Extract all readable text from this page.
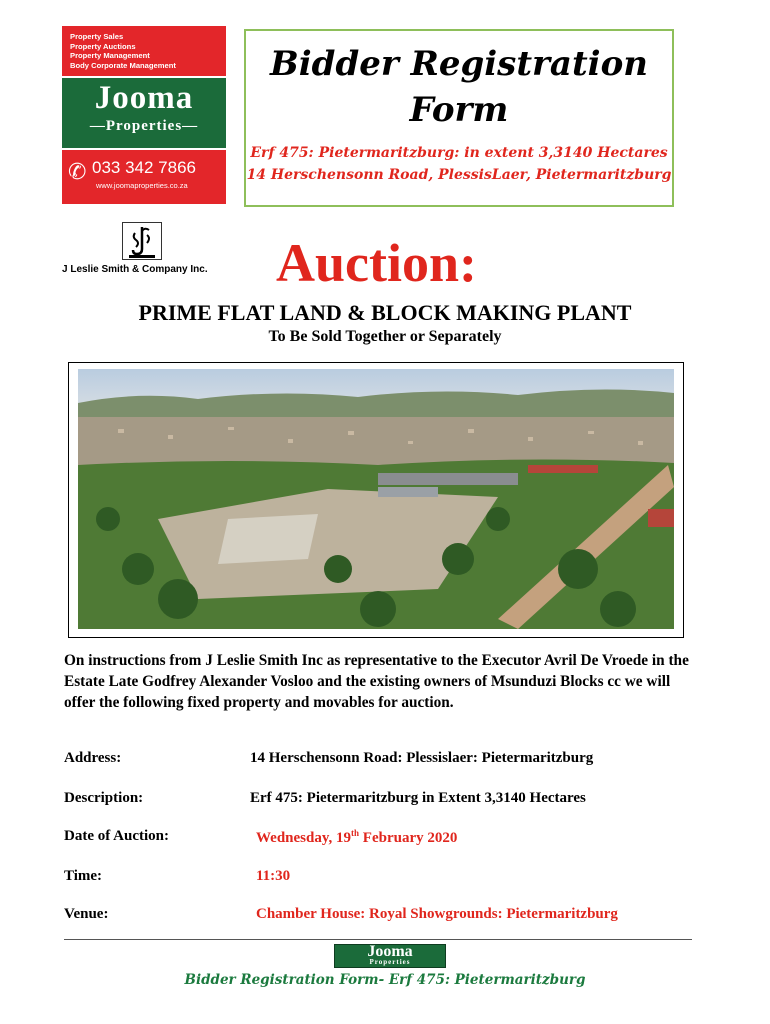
Property Sales
Property Auctions
Property Management
Body Corporate Management
Jooma
—Properties—
✆ 033 342 7866
www.joomaproperties.co.za
Bidder Registration Form
Erf 475: Pietermaritzburg: in extent 3,3140 Hectares
14 Herschensonn Road, PlessisLaer, Pietermaritzburg
J Leslie Smith & Company Inc. Auction:
PRIME FLAT LAND & BLOCK MAKING PLANT
To Be Sold Together or Separately
On instructions from J Leslie Smith Inc as representative to the Executor Avril De Vroede in the Estate Late Godfrey Alexander Vosloo and the existing owners of Msunduzi Blocks cc we will offer the following fixed property and movables for auction.
Address:	14 Herschensonn Road: Plessislaer: Pietermaritzburg
Description:	Erf 475: Pietermaritzburg in Extent 3,3140 Hectares
Date of Auction:	Wednesday, 19th February 2020
Time:	11:30
Venue:	Chamber House: Royal Showgrounds: Pietermaritzburg
Jooma
Properties
Bidder Registration Form- Erf 475: Pietermaritzburg
